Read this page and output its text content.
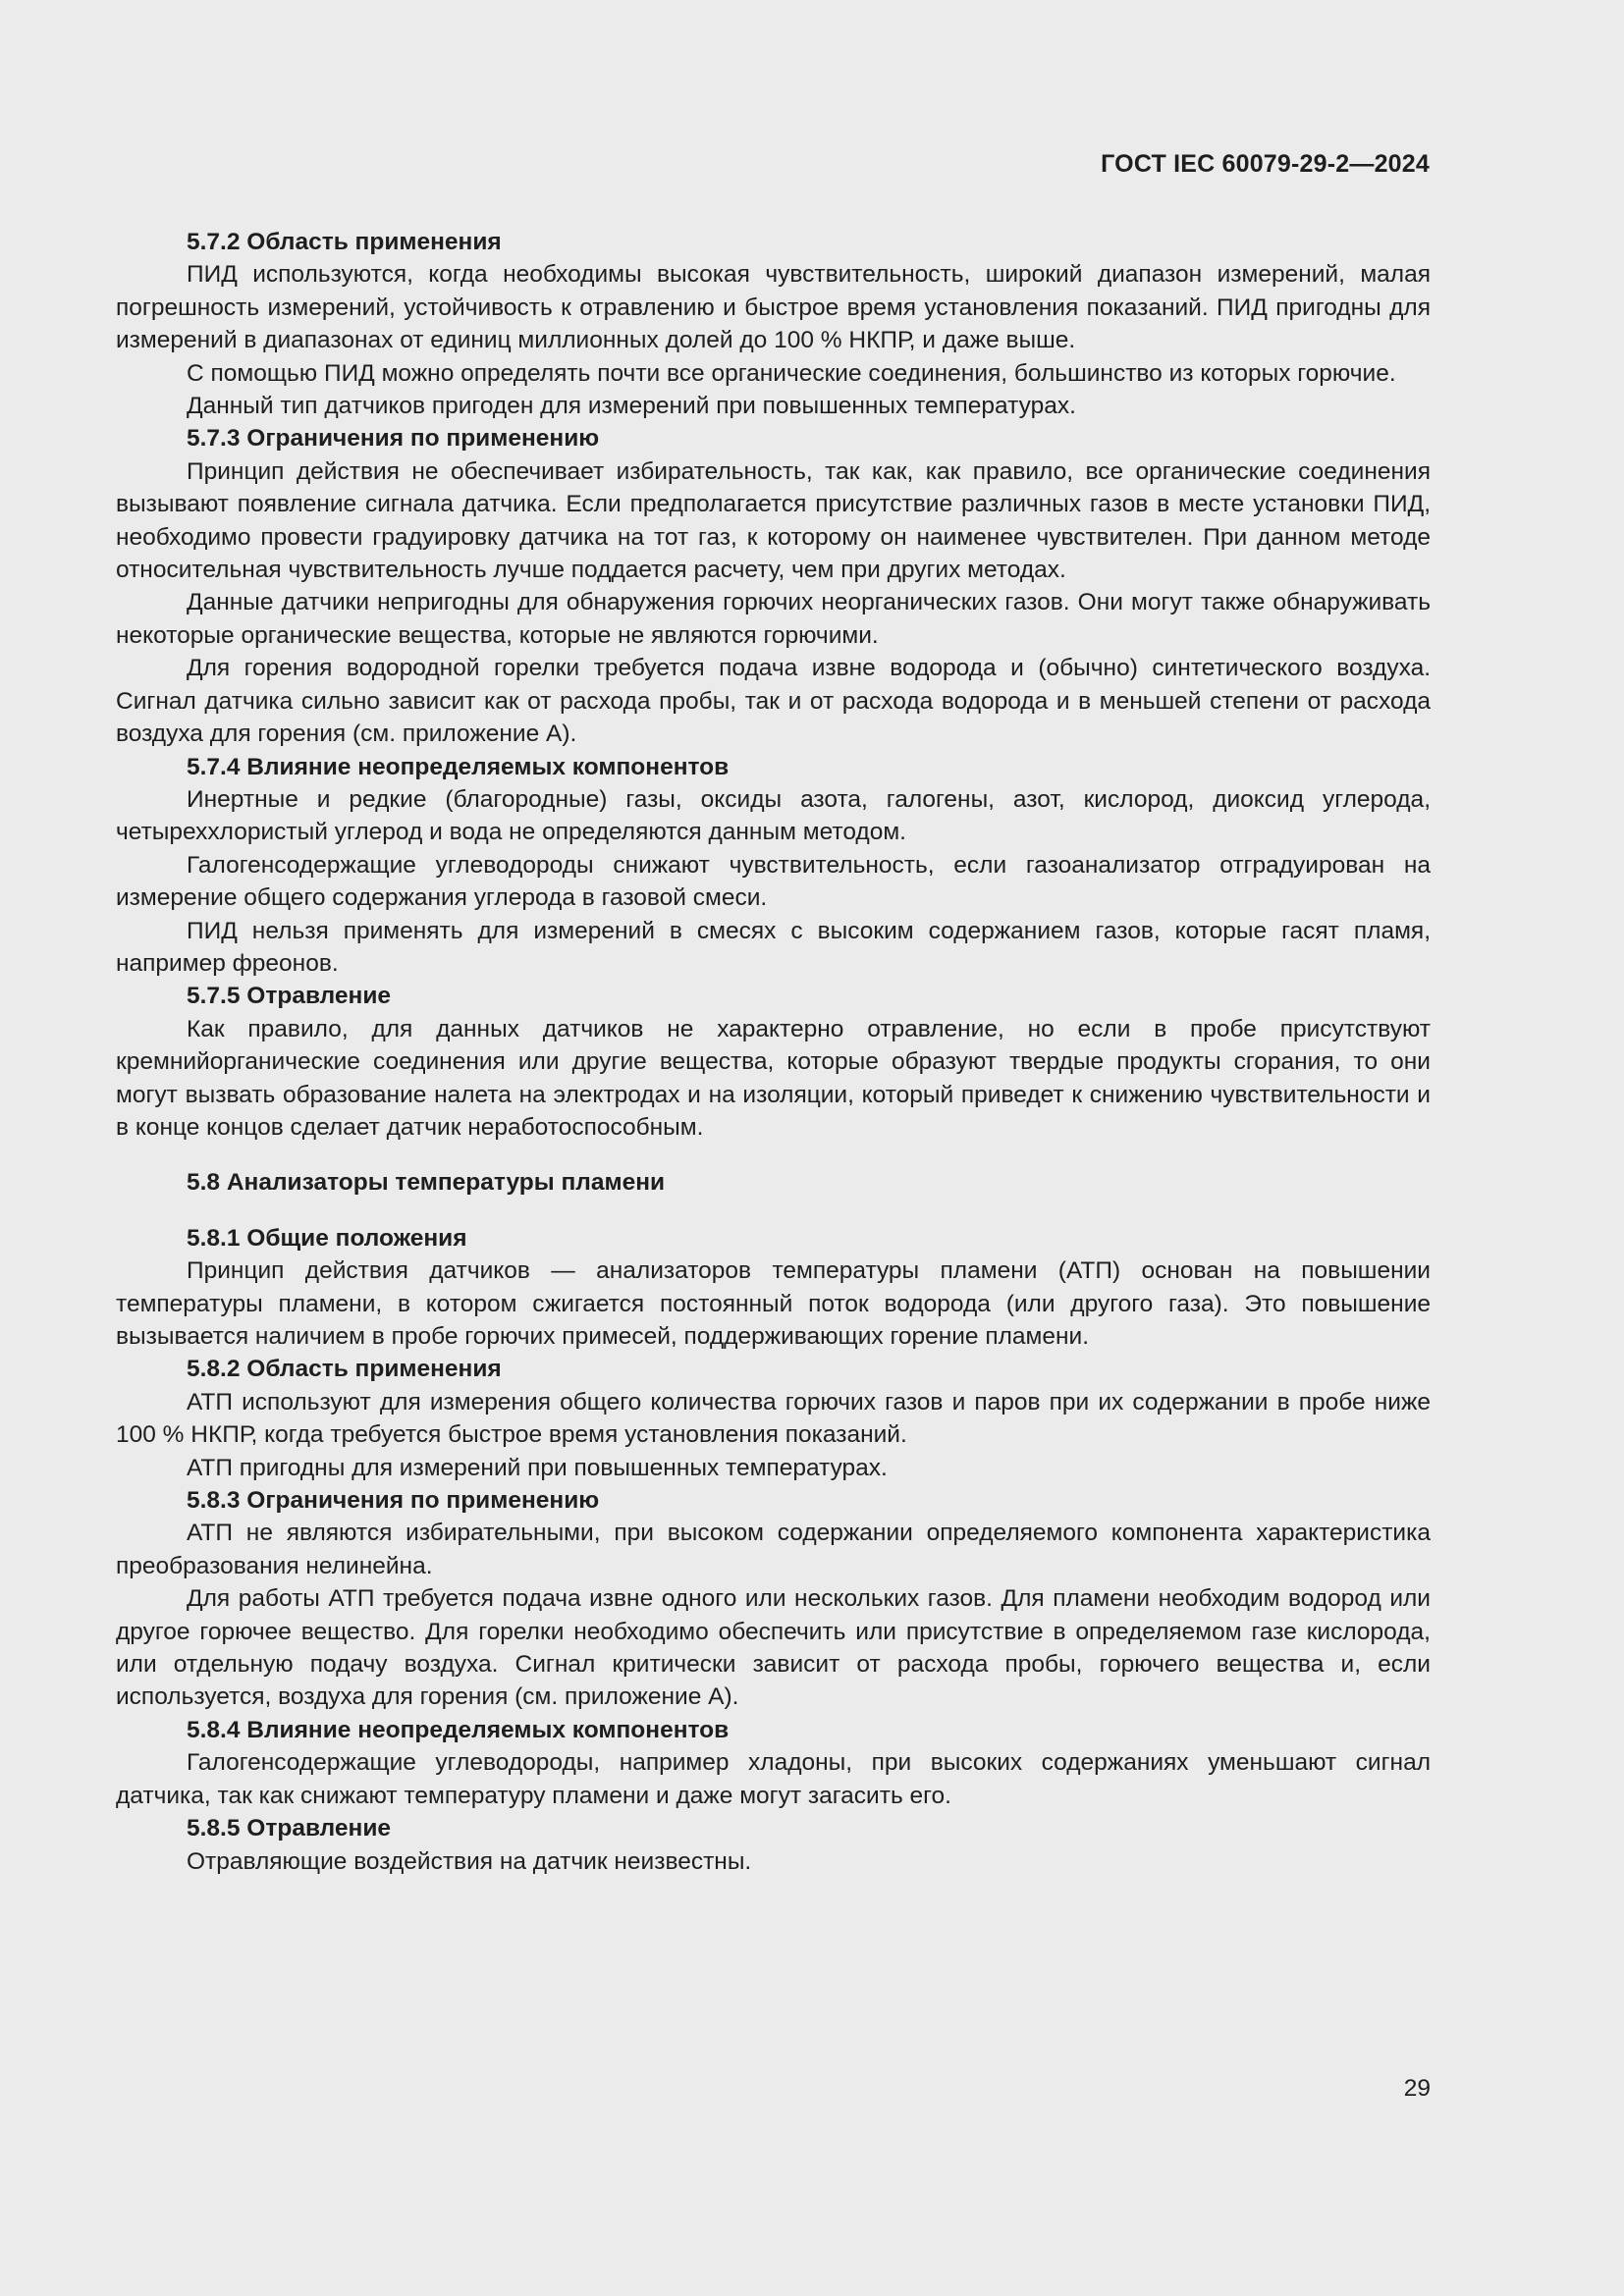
ГОСТ IEC 60079-29-2—2024
5.7.2 Область применения

ПИД используются, когда необходимы высокая чувствительность, широкий диапазон измерений, малая погрешность измерений, устойчивость к отравлению и быстрое время установления показаний. ПИД пригодны для измерений в диапазонах от единиц миллионных долей до 100 % НКПР, и даже выше.

С помощью ПИД можно определять почти все органические соединения, большинство из которых горючие.

Данный тип датчиков пригоден для измерений при повышенных температурах.

5.7.3 Ограничения по применению

Принцип действия не обеспечивает избирательность, так как, как правило, все органические соединения вызывают появление сигнала датчика. Если предполагается присутствие различных газов в месте установки ПИД, необходимо провести градуировку датчика на тот газ, к которому он наименее чувствителен. При данном методе относительная чувствительность лучше поддается расчету, чем при других методах.

Данные датчики непригодны для обнаружения горючих неорганических газов. Они могут также обнаруживать некоторые органические вещества, которые не являются горючими.

Для горения водородной горелки требуется подача извне водорода и (обычно) синтетического воздуха. Сигнал датчика сильно зависит как от расхода пробы, так и от расхода водорода и в меньшей степени от расхода воздуха для горения (см. приложение А).

5.7.4 Влияние неопределяемых компонентов

Инертные и редкие (благородные) газы, оксиды азота, галогены, азот, кислород, диоксид углерода, четыреххлористый углерод и вода не определяются данным методом.

Галогенсодержащие углеводороды снижают чувствительность, если газоанализатор отградуирован на измерение общего содержания углерода в газовой смеси.

ПИД нельзя применять для измерений в смесях с высоким содержанием газов, которые гасят пламя, например фреонов.

5.7.5 Отравление

Как правило, для данных датчиков не характерно отравление, но если в пробе присутствуют кремнийорганические соединения или другие вещества, которые образуют твердые продукты сгорания, то они могут вызвать образование налета на электродах и на изоляции, который приведет к снижению чувствительности и в конце концов сделает датчик неработоспособным.

5.8 Анализаторы температуры пламени
5.8.1 Общие положения

Принцип действия датчиков — анализаторов температуры пламени (АТП) основан на повышении температуры пламени, в котором сжигается постоянный поток водорода (или другого газа). Это повышение вызывается наличием в пробе горючих примесей, поддерживающих горение пламени.

5.8.2 Область применения

АТП используют для измерения общего количества горючих газов и паров при их содержании в пробе ниже 100 % НКПР, когда требуется быстрое время установления показаний.

АТП пригодны для измерений при повышенных температурах.

5.8.3 Ограничения по применению

АТП не являются избирательными, при высоком содержании определяемого компонента характеристика преобразования нелинейна.

Для работы АТП требуется подача извне одного или нескольких газов. Для пламени необходим водород или другое горючее вещество. Для горелки необходимо обеспечить или присутствие в определяемом газе кислорода, или отдельную подачу воздуха. Сигнал критически зависит от расхода пробы, горючего вещества и, если используется, воздуха для горения (см. приложение А).

5.8.4 Влияние неопределяемых компонентов

Галогенсодержащие углеводороды, например хладоны, при высоких содержаниях уменьшают сигнал датчика, так как снижают температуру пламени и даже могут загасить его.

5.8.5 Отравление

Отравляющие воздействия на датчик неизвестны.

29
